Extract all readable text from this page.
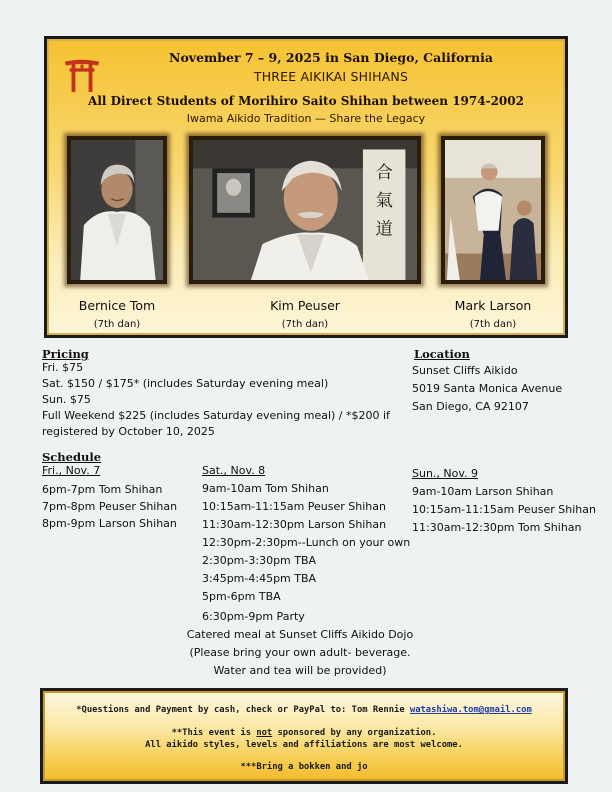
November 7 – 9, 2025 in San Diego, California
THREE AIKIKAI SHIHANS
All Direct Students of Morihiro Saito Shihan between 1974-2002
Iwama Aikido Tradition — Share the Legacy
合
氣
道
Bernice Tom
(7th dan)
Kim Peuser
(7th dan)
Mark Larson
(7th dan)
Pricing
Fri. $75
Sat. $150 / $175* (includes Saturday evening meal)
Sun. $75
Full Weekend $225 (includes Saturday evening meal) / *$200 if
registered by October 10, 2025
Location
Sunset Cliffs Aikido
5019 Santa Monica Avenue
San Diego, CA 92107
Schedule
Fri., Nov. 7
6pm-7pm Tom Shihan
7pm-8pm Peuser Shihan
8pm-9pm Larson Shihan
Sat., Nov. 8
9am-10am Tom Shihan
10:15am-11:15am Peuser Shihan
11:30am-12:30pm Larson Shihan
12:30pm-2:30pm--Lunch on your own
2:30pm-3:30pm TBA
3:45pm-4:45pm TBA
5pm-6pm TBA
6:30pm-9pm Party
Catered meal at Sunset Cliffs Aikido Dojo
(Please bring your own adult- beverage.
Water and tea will be provided)
Sun., Nov. 9
9am-10am Larson Shihan
10:15am-11:15am Peuser Shihan
11:30am-12:30pm Tom Shihan
*Questions and Payment by cash, check or PayPal to: Tom Rennie watashiwa.tom@gmail.com
**This event is not sponsored by any organization.
All aikido styles, levels and affiliations are most welcome.
***Bring a bokken and jo
